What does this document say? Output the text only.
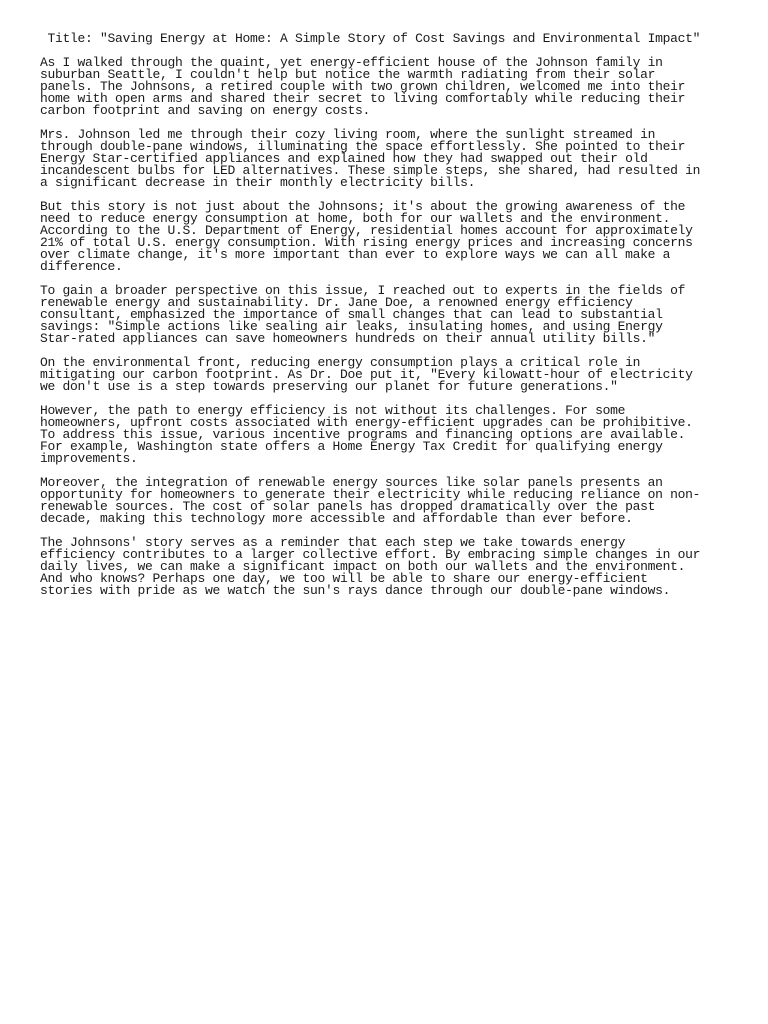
Title: "Saving Energy at Home: A Simple Story of Cost Savings and Environmental Impact"

As I walked through the quaint, yet energy-efficient house of the Johnson family in suburban Seattle, I couldn't help but notice the warmth radiating from their solar panels. The Johnsons, a retired couple with two grown children, welcomed me into their home with open arms and shared their secret to living comfortably while reducing their carbon footprint and saving on energy costs.

Mrs. Johnson led me through their cozy living room, where the sunlight streamed in through double-pane windows, illuminating the space effortlessly. She pointed to their Energy Star-certified appliances and explained how they had swapped out their old incandescent bulbs for LED alternatives. These simple steps, she shared, had resulted in a significant decrease in their monthly electricity bills.

But this story is not just about the Johnsons; it's about the growing awareness of the need to reduce energy consumption at home, both for our wallets and the environment. According to the U.S. Department of Energy, residential homes account for approximately 21% of total U.S. energy consumption. With rising energy prices and increasing concerns over climate change, it's more important than ever to explore ways we can all make a difference.

To gain a broader perspective on this issue, I reached out to experts in the fields of renewable energy and sustainability. Dr. Jane Doe, a renowned energy efficiency consultant, emphasized the importance of small changes that can lead to substantial savings: "Simple actions like sealing air leaks, insulating homes, and using Energy Star-rated appliances can save homeowners hundreds on their annual utility bills."

On the environmental front, reducing energy consumption plays a critical role in mitigating our carbon footprint. As Dr. Doe put it, "Every kilowatt-hour of electricity we don't use is a step towards preserving our planet for future generations."

However, the path to energy efficiency is not without its challenges. For some homeowners, upfront costs associated with energy-efficient upgrades can be prohibitive. To address this issue, various incentive programs and financing options are available. For example, Washington state offers a Home Energy Tax Credit for qualifying energy improvements.

Moreover, the integration of renewable energy sources like solar panels presents an opportunity for homeowners to generate their electricity while reducing reliance on non-renewable sources. The cost of solar panels has dropped dramatically over the past decade, making this technology more accessible and affordable than ever before.

The Johnsons' story serves as a reminder that each step we take towards energy efficiency contributes to a larger collective effort. By embracing simple changes in our daily lives, we can make a significant impact on both our wallets and the environment. And who knows? Perhaps one day, we too will be able to share our energy-efficient stories with pride as we watch the sun's rays dance through our double-pane windows.
